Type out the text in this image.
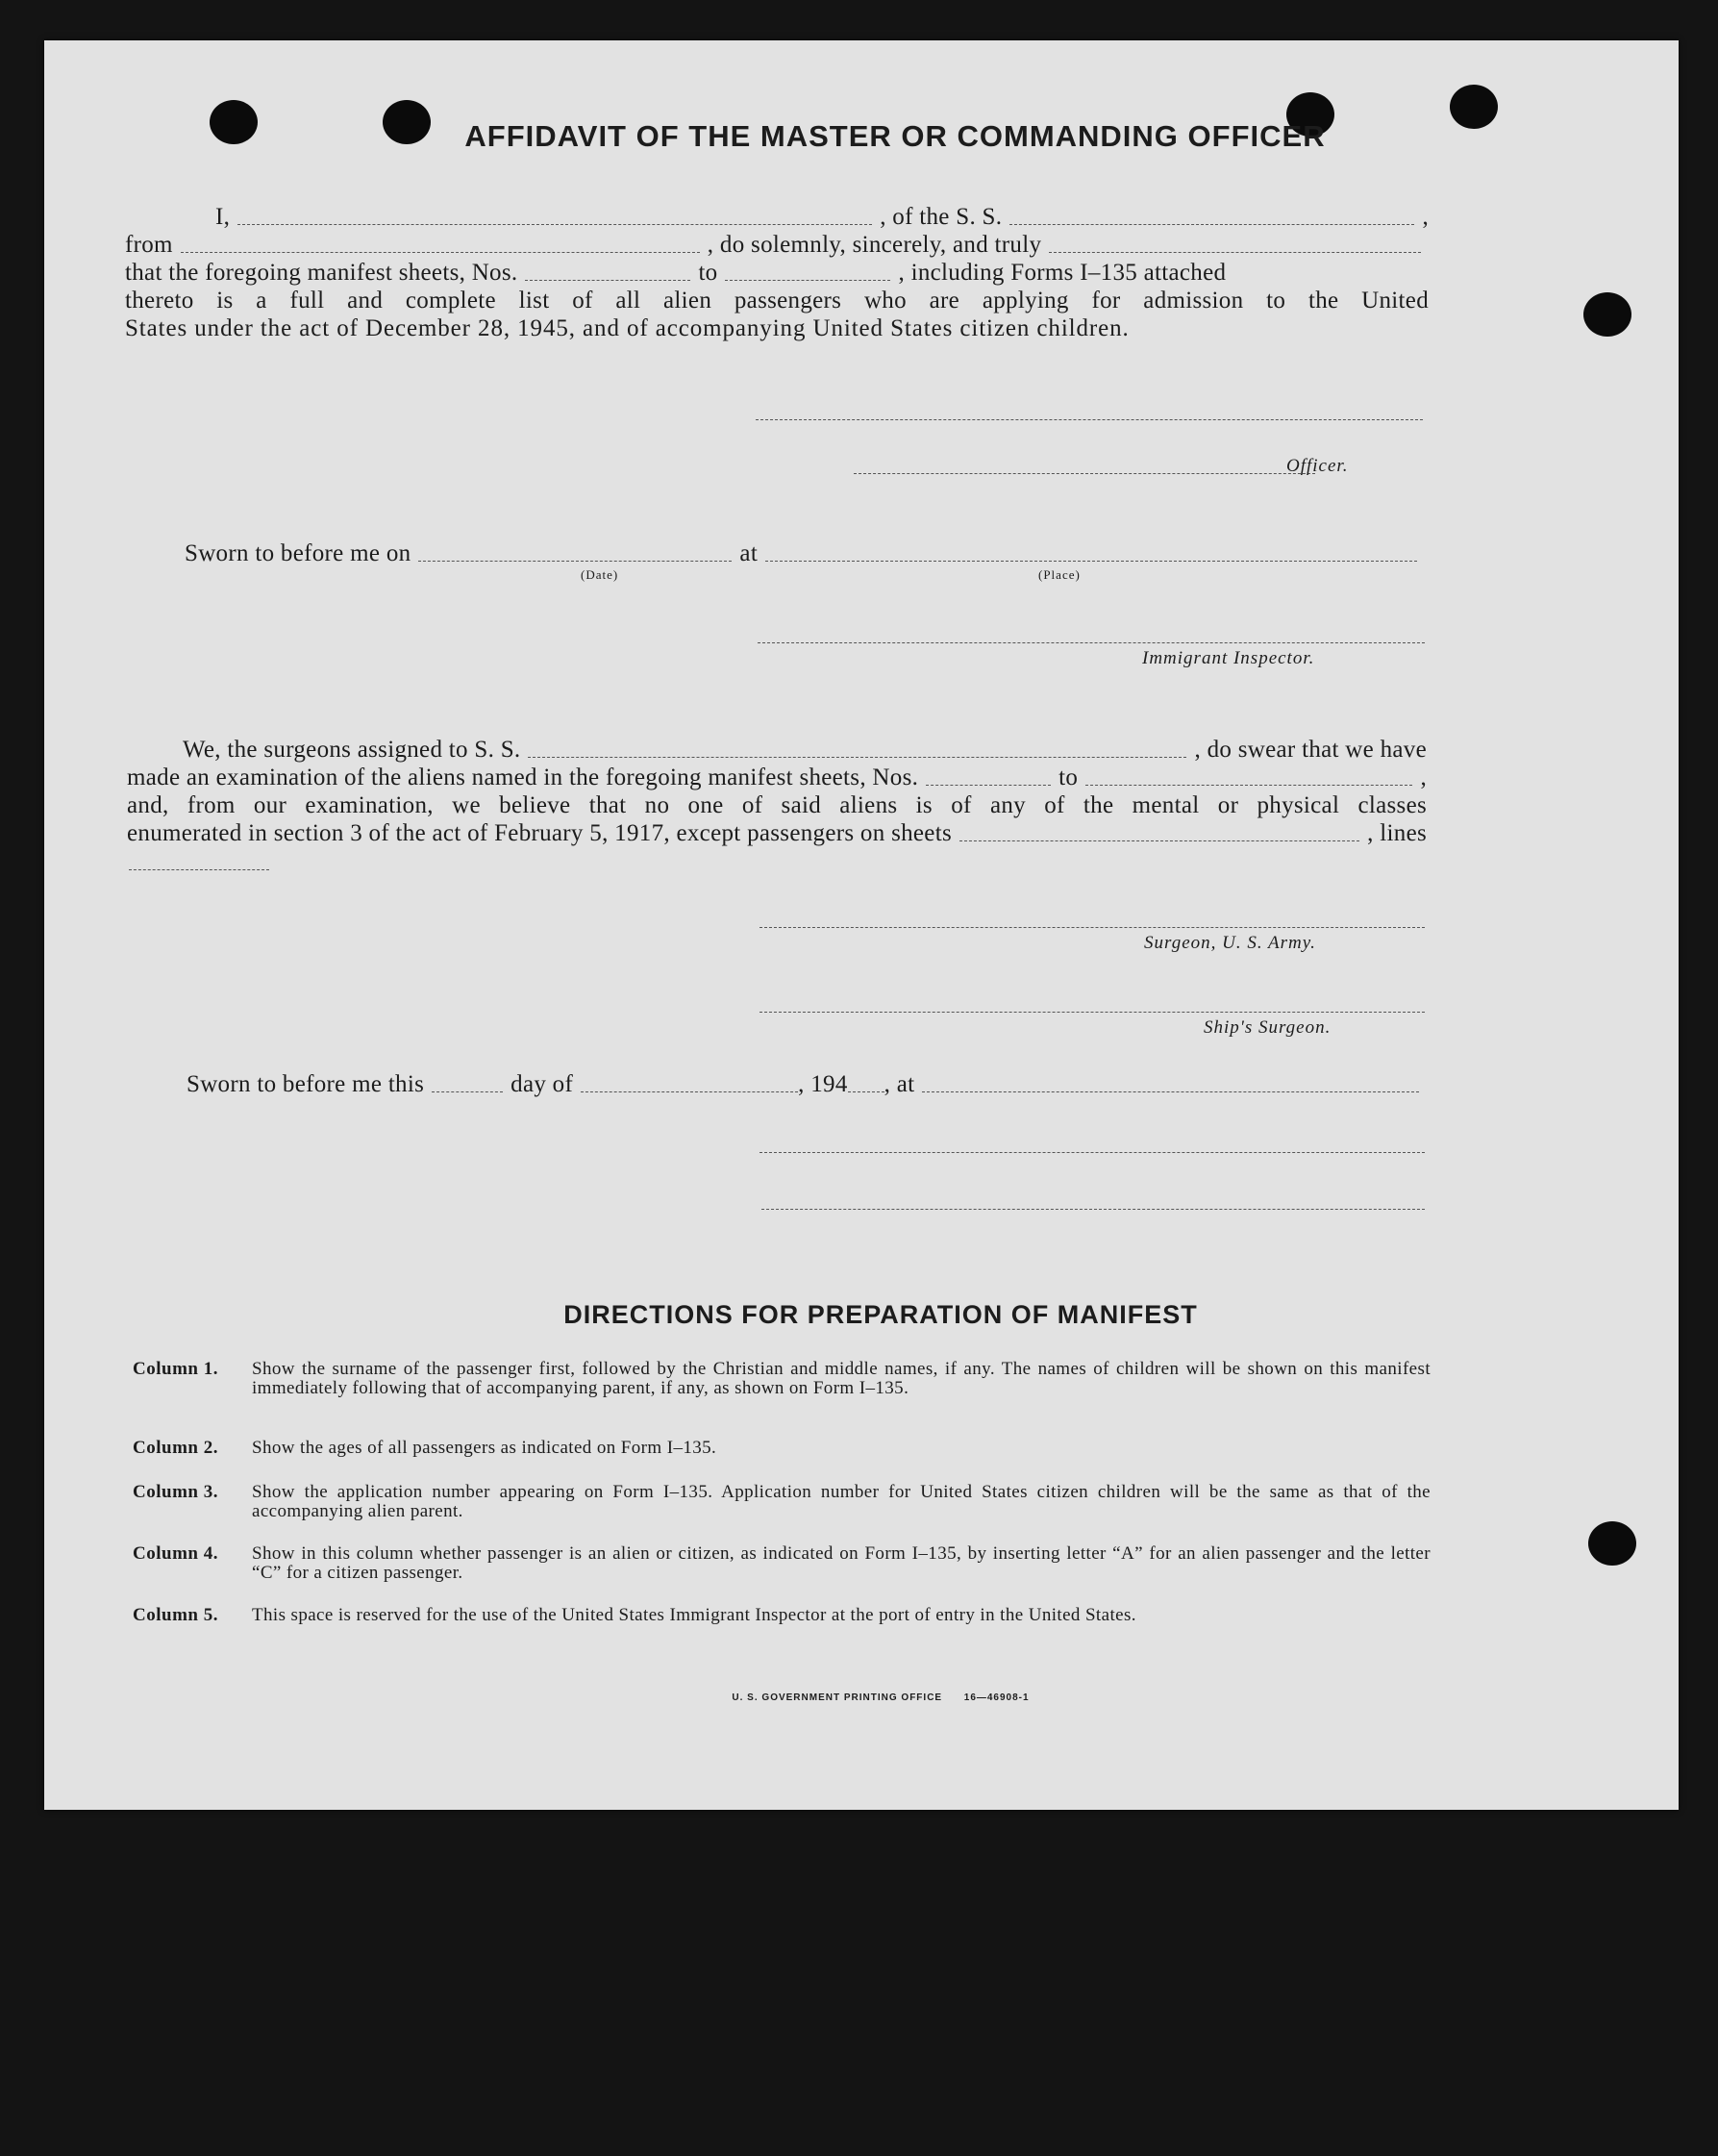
AFFIDAVIT OF THE MASTER OR COMMANDING OFFICER
I,	, of the S. S.	,
from	, do solemnly, sincerely, and truly
that the foregoing manifest sheets, Nos.	to	, including Forms I–135 attached
thereto is a full and complete list of all alien passengers who are applying for admission to the United
States under the act of December 28, 1945, and of accompanying United States citizen children.
Officer.
Sworn to before me on	at
(Date)	(Place)
Immigrant Inspector.
We, the surgeons assigned to S. S.	, do swear that we have
made an examination of the aliens named in the foregoing manifest sheets, Nos.	to	,
and, from our examination, we believe that no one of said aliens is of any of the mental or physical classes
enumerated in section 3 of the act of February 5, 1917, except passengers on sheets	, lines
Surgeon, U. S. Army.
Ship's Surgeon.
Sworn to before me this	day of	, 194 , at
DIRECTIONS FOR PREPARATION OF MANIFEST
Column 1.	Show the surname of the passenger first, followed by the Christian and middle names, if any. The names of children will be shown on this manifest immediately following that of accompanying parent, if any, as shown on Form I–135.
Column 2.	Show the ages of all passengers as indicated on Form I–135.
Column 3.	Show the application number appearing on Form I–135. Application number for United States citizen children will be the same as that of the accompanying alien parent.
Column 4.	Show in this column whether passenger is an alien or citizen, as indicated on Form I–135, by inserting letter “A” for an alien passenger and the letter “C” for a citizen passenger.
Column 5.	This space is reserved for the use of the United States Immigrant Inspector at the port of entry in the United States.
U. S. GOVERNMENT PRINTING OFFICE      16—46908-1
